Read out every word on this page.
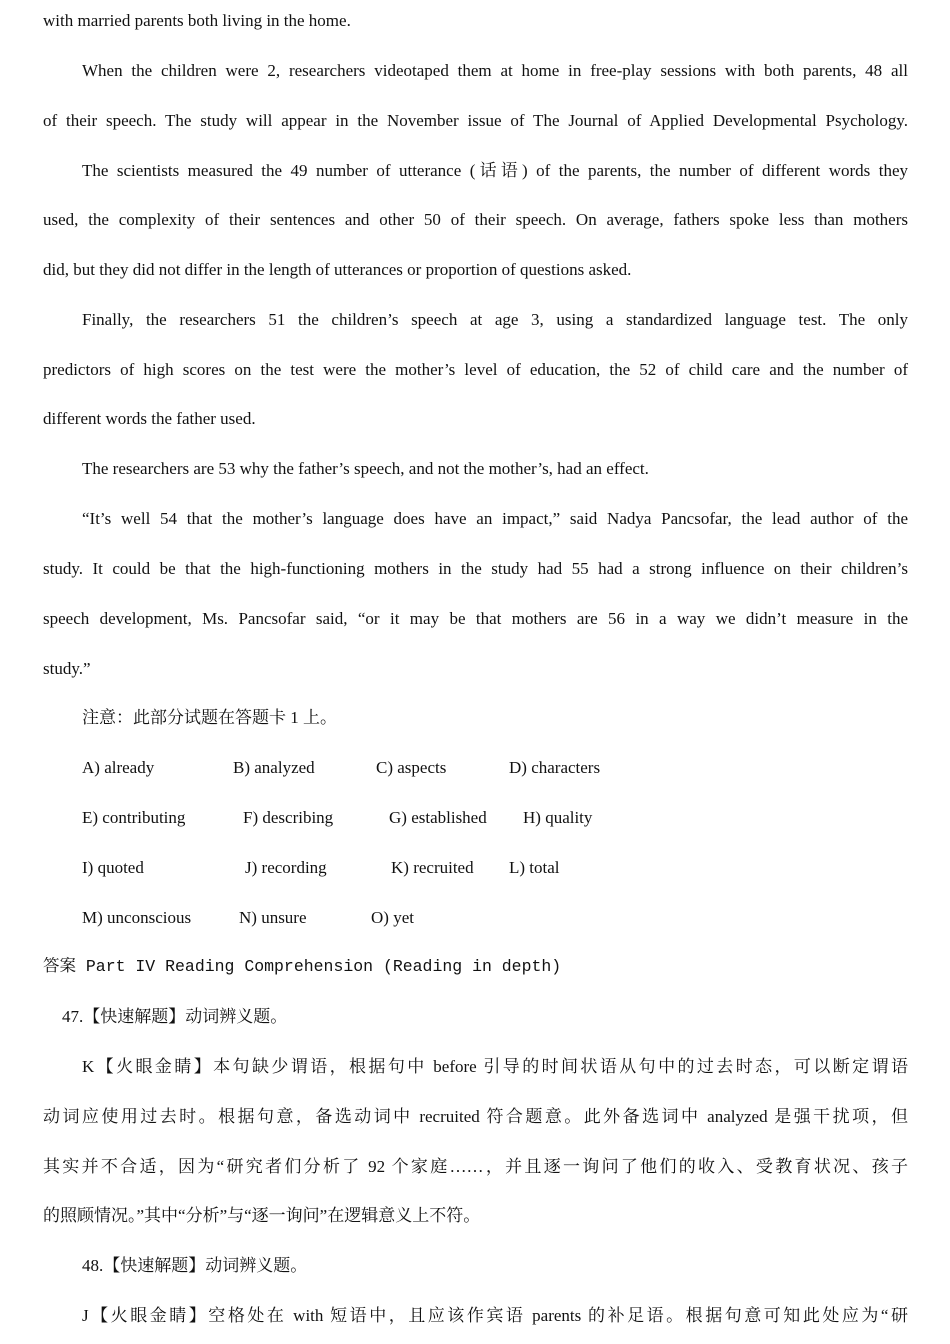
with married parents both living in the home.
When the children were 2, researchers videotaped them at home in free-play sessions with both parents, 48 all
of their speech. The study will appear in the November issue of The Journal of Applied Developmental Psychology.
The scientists measured the 49 number of utterance (话语) of the parents, the number of different words they
used, the complexity of their sentences and other 50 of their speech. On average, fathers spoke less than mothers
did, but they did not differ in the length of utterances or proportion of questions asked.
Finally, the researchers 51 the children’s speech at age 3, using a standardized language test. The only
predictors of high scores on the test were the mother’s level of education, the 52 of child care and the number of
different words the father used.
The researchers are 53 why the father’s speech, and not the mother’s, had an effect.
“It’s well 54 that the mother’s language does have an impact,” said Nadya Pancsofar, the lead author of the
study. It could be that the high-functioning mothers in the study had 55 had a strong influence on their children’s
speech development, Ms. Pancsofar said, “or it may be that mothers are 56 in a way we didn’t measure in the
study.”
注意：此部分试题在答题卡 1 上。
A) already	B) analyzed	C) aspects	D) characters
E) contributing	F) describing	G) established H) quality
I) quoted	J) recording	K) recruited L) total
M) unconscious	N) unsure	O) yet
答案 Part IV Reading Comprehension (Reading in depth)
47.【快速解题】动词辨义题。
K【火眼金睛】本句缺少谓语，根据句中 before 引导的时间状语从句中的过去时态，可以断定谓语
动词应使用过去时。根据句意，备选动词中 recruited 符合题意。此外备选词中 analyzed 是强干扰项，但
其实并不合适，因为“研究者们分析了 92 个家庭……，并且逐一询问了他们的收入、受教育状况、孩子
的照顾情况。”其中“分析”与“逐一询问”在逻辑意义上不符。
48.【快速解题】动词辨义题。
J【火眼金睛】空格处在 with 短语中，且应该作宾语 parents 的补足语。根据句意可知此处应为“研
